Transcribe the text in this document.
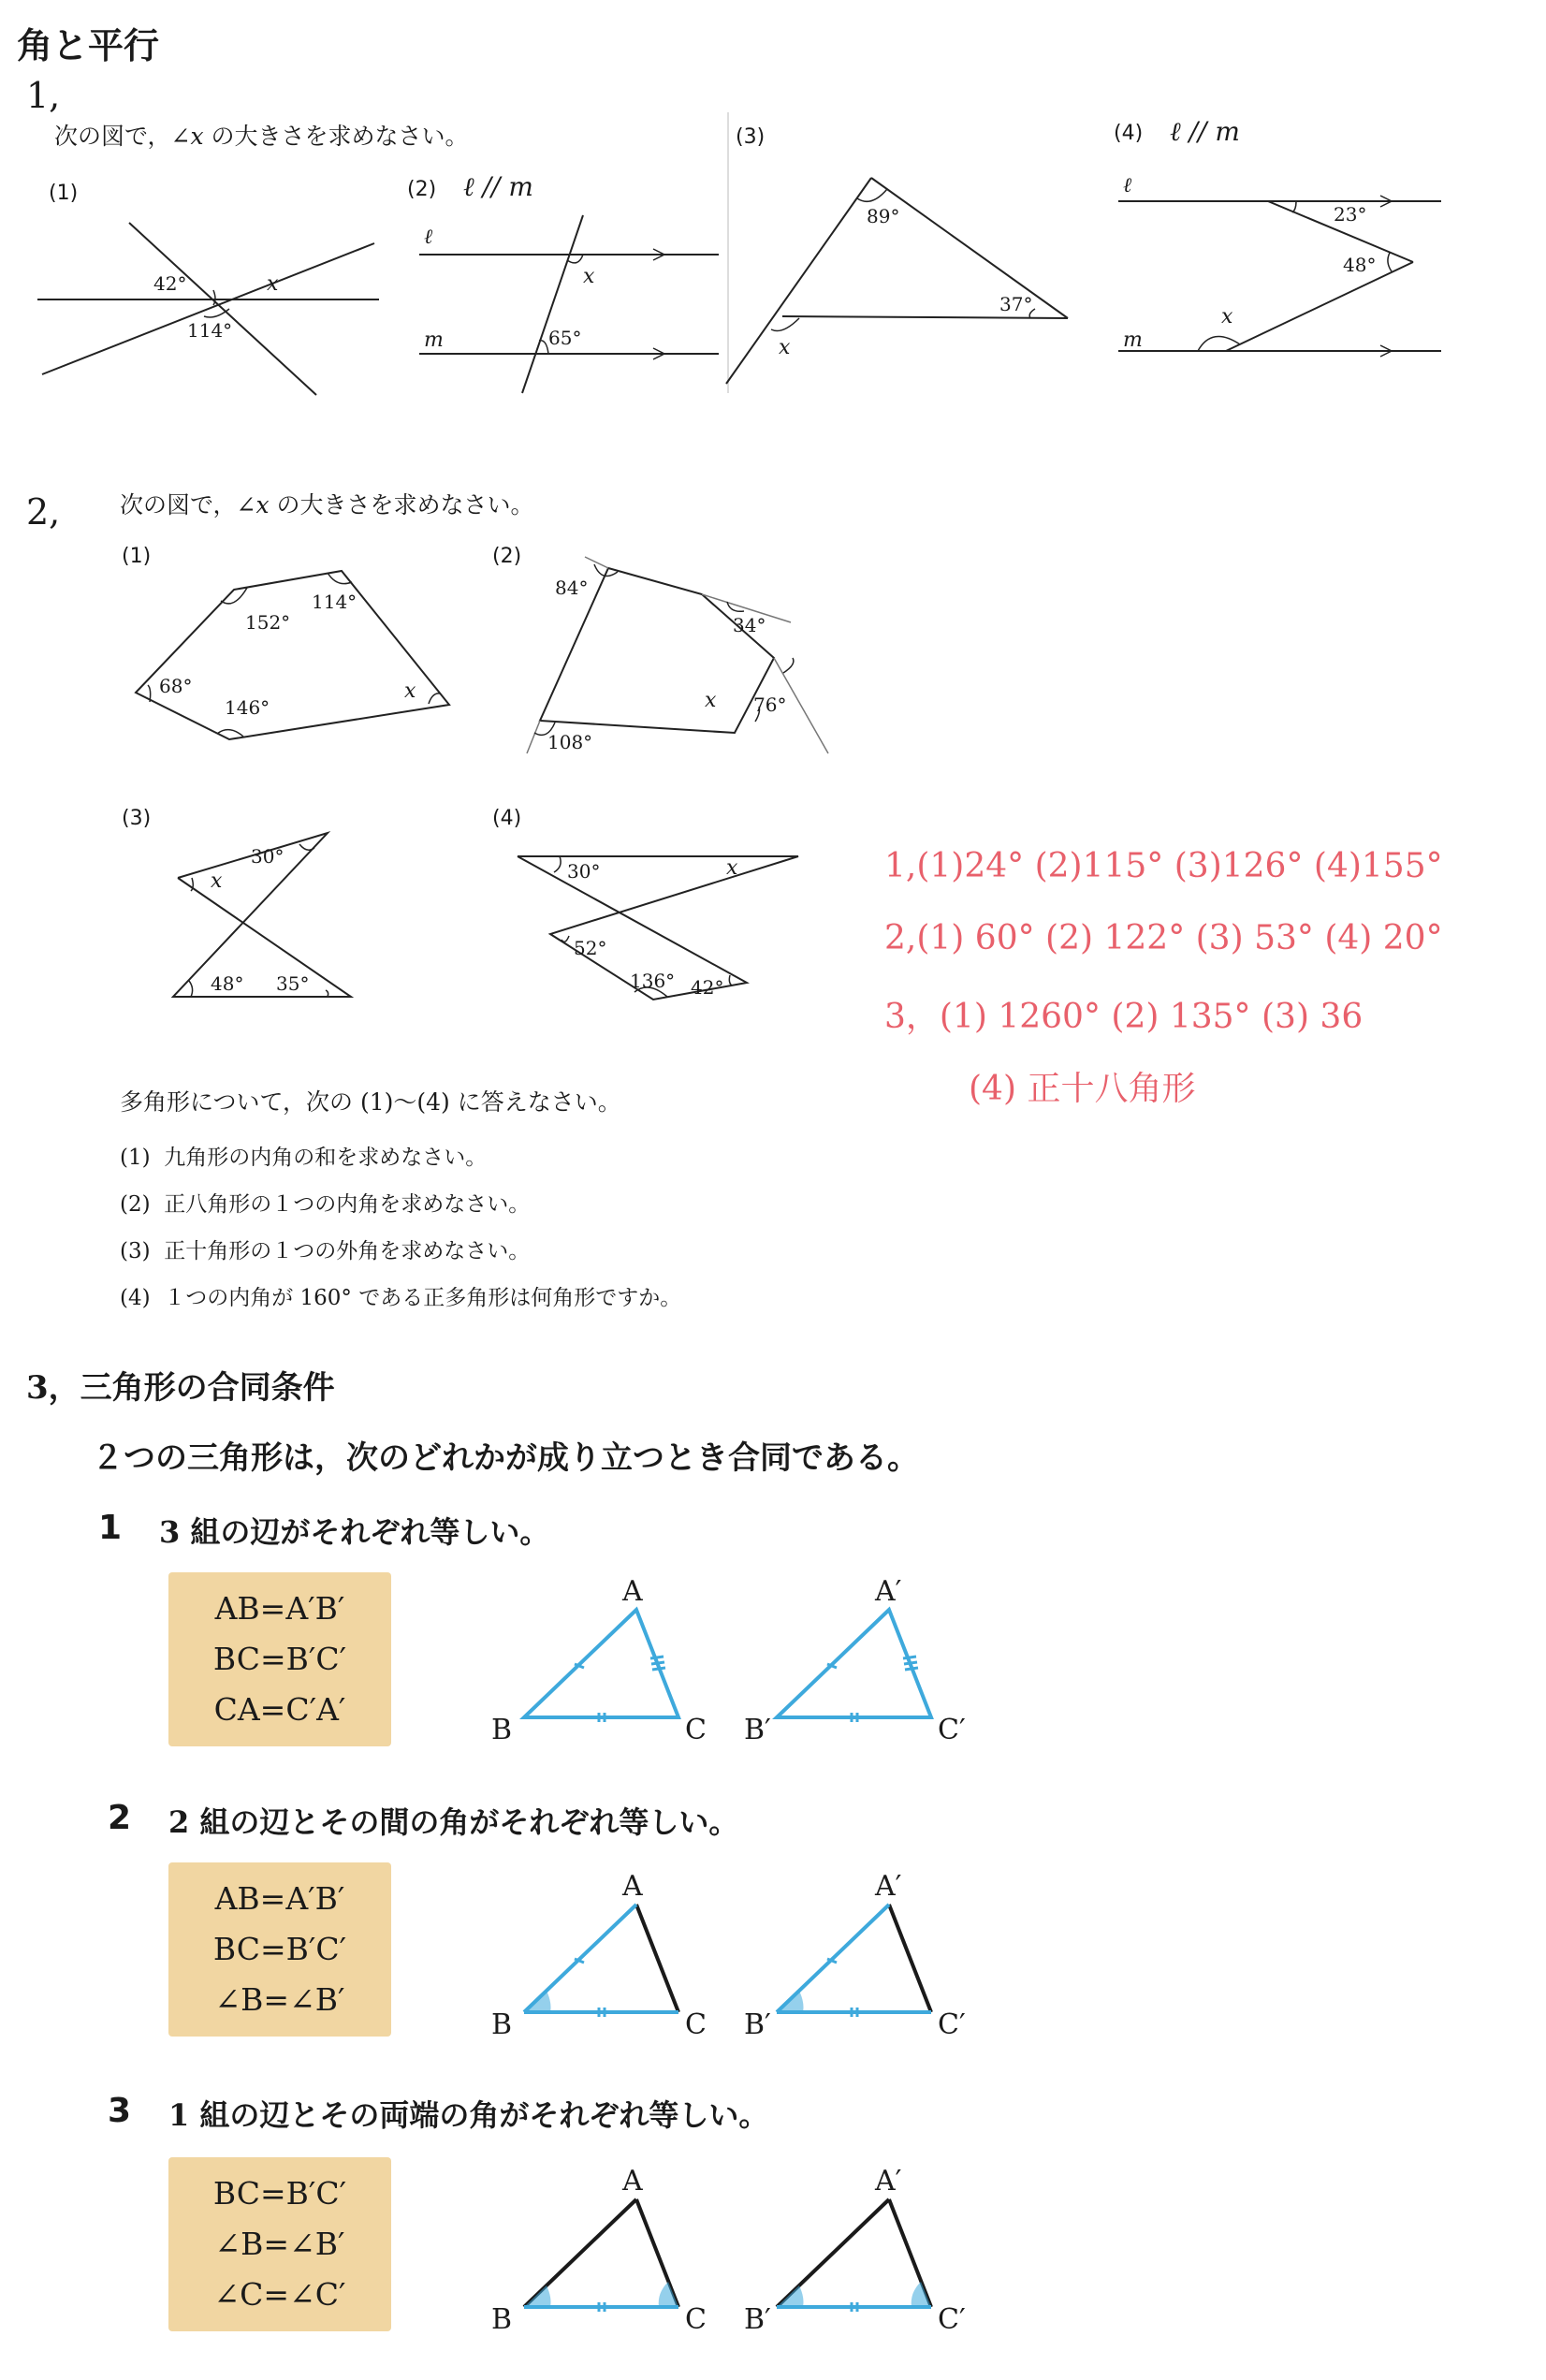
角と平行
1,
次の図で，∠𝑥 の大きさを求めなさい。
(1)
42°
114°
x
(2) ℓ // m
ℓ
m
x
65°
(3)
89°
37°
x
(4) ℓ // m
ℓ
m
23°
48°
x
2,	次の図で，∠𝑥 の大きさを求めなさい。
(1)
152°
114°
68°
146°
x
(2)
84°
34°
76°
108°
x
(3)
30°
x
48° 35°
(4)
30°	x
52°
136° 42°
1,(1)24° (2)115° (3)126° (4)155°
2,(1) 60° (2) 122° (3) 53° (4) 20°
3，(1) 1260° (2) 135° (3) 36
(4) 正十八角形
多角形について，次の (1)～(4) に答えなさい。
(1) 九角形の内角の和を求めなさい。
(2) 正八角形の１つの内角を求めなさい。
(3) 正十角形の１つの外角を求めなさい。
(4) １つの内角が 160° である正多角形は何角形ですか。
3，三角形の合同条件
２つの三角形は，次のどれかが成り立つとき合同である。
1 3 組の辺がそれぞれ等しい。
AB=A′B′
BC=B′C′
CA=C′A′
A
B	C
A′
B′	C′
2 2 組の辺とその間の角がそれぞれ等しい。
AB=A′B′
BC=B′C′
∠B=∠B′
A
B	C
A′
B′	C′
3 1 組の辺とその両端の角がそれぞれ等しい。
BC=B′C′
∠B=∠B′
∠C=∠C′
A
B	C
A′
B′	C′
